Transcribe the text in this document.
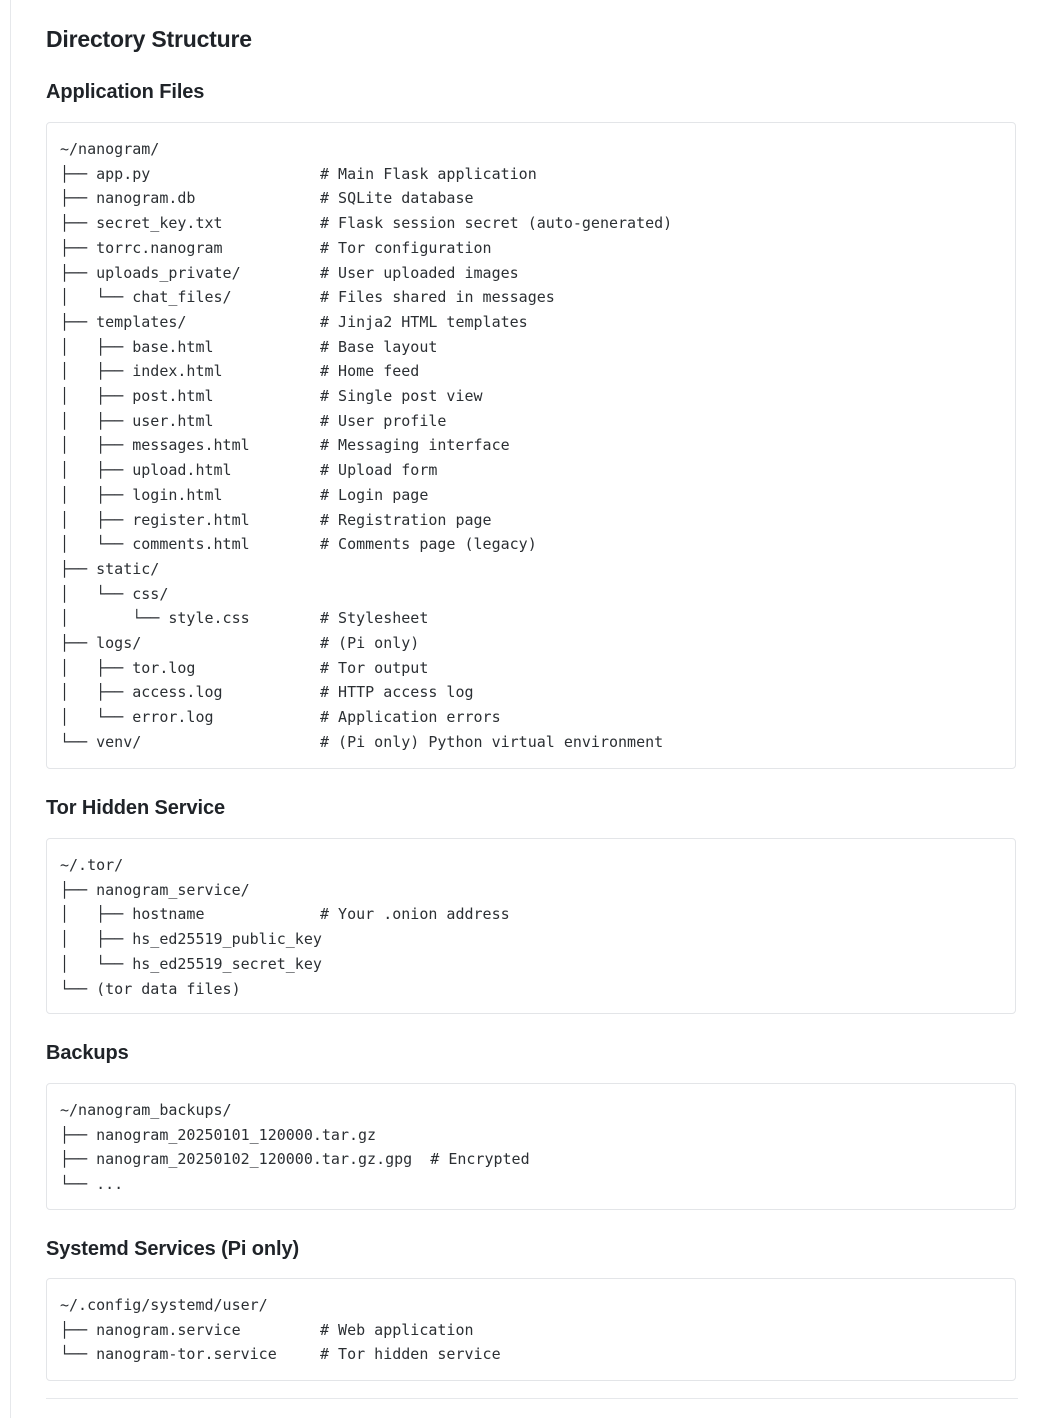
Directory Structure
Application Files
~/nanogram/
├── app.py	# Main Flask application
├── nanogram.db	# SQLite database
├── secret_key.txt	# Flask session secret (auto-generated)
├── torrc.nanogram	# Tor configuration
├── uploads_private/	# User uploaded images
│   └── chat_files/	# Files shared in messages
├── templates/	# Jinja2 HTML templates
│   ├── base.html	# Base layout
│   ├── index.html	# Home feed
│   ├── post.html	# Single post view
│   ├── user.html	# User profile
│   ├── messages.html	# Messaging interface
│   ├── upload.html	# Upload form
│   ├── login.html	# Login page
│   ├── register.html	# Registration page
│   └── comments.html	# Comments page (legacy)
├── static/
│   └── css/
│       └── style.css	# Stylesheet
├── logs/	# (Pi only)
│   ├── tor.log	# Tor output
│   ├── access.log	# HTTP access log
│   └── error.log	# Application errors
└── venv/	# (Pi only) Python virtual environment
Tor Hidden Service
~/.tor/
├── nanogram_service/
│   ├── hostname	# Your .onion address
│   ├── hs_ed25519_public_key
│   └── hs_ed25519_secret_key
└── (tor data files)
Backups
~/nanogram_backups/
├── nanogram_20250101_120000.tar.gz
├── nanogram_20250102_120000.tar.gz.gpg  # Encrypted
└── ...
Systemd Services (Pi only)
~/.config/systemd/user/
├── nanogram.service	# Web application
└── nanogram-tor.service	# Tor hidden service
